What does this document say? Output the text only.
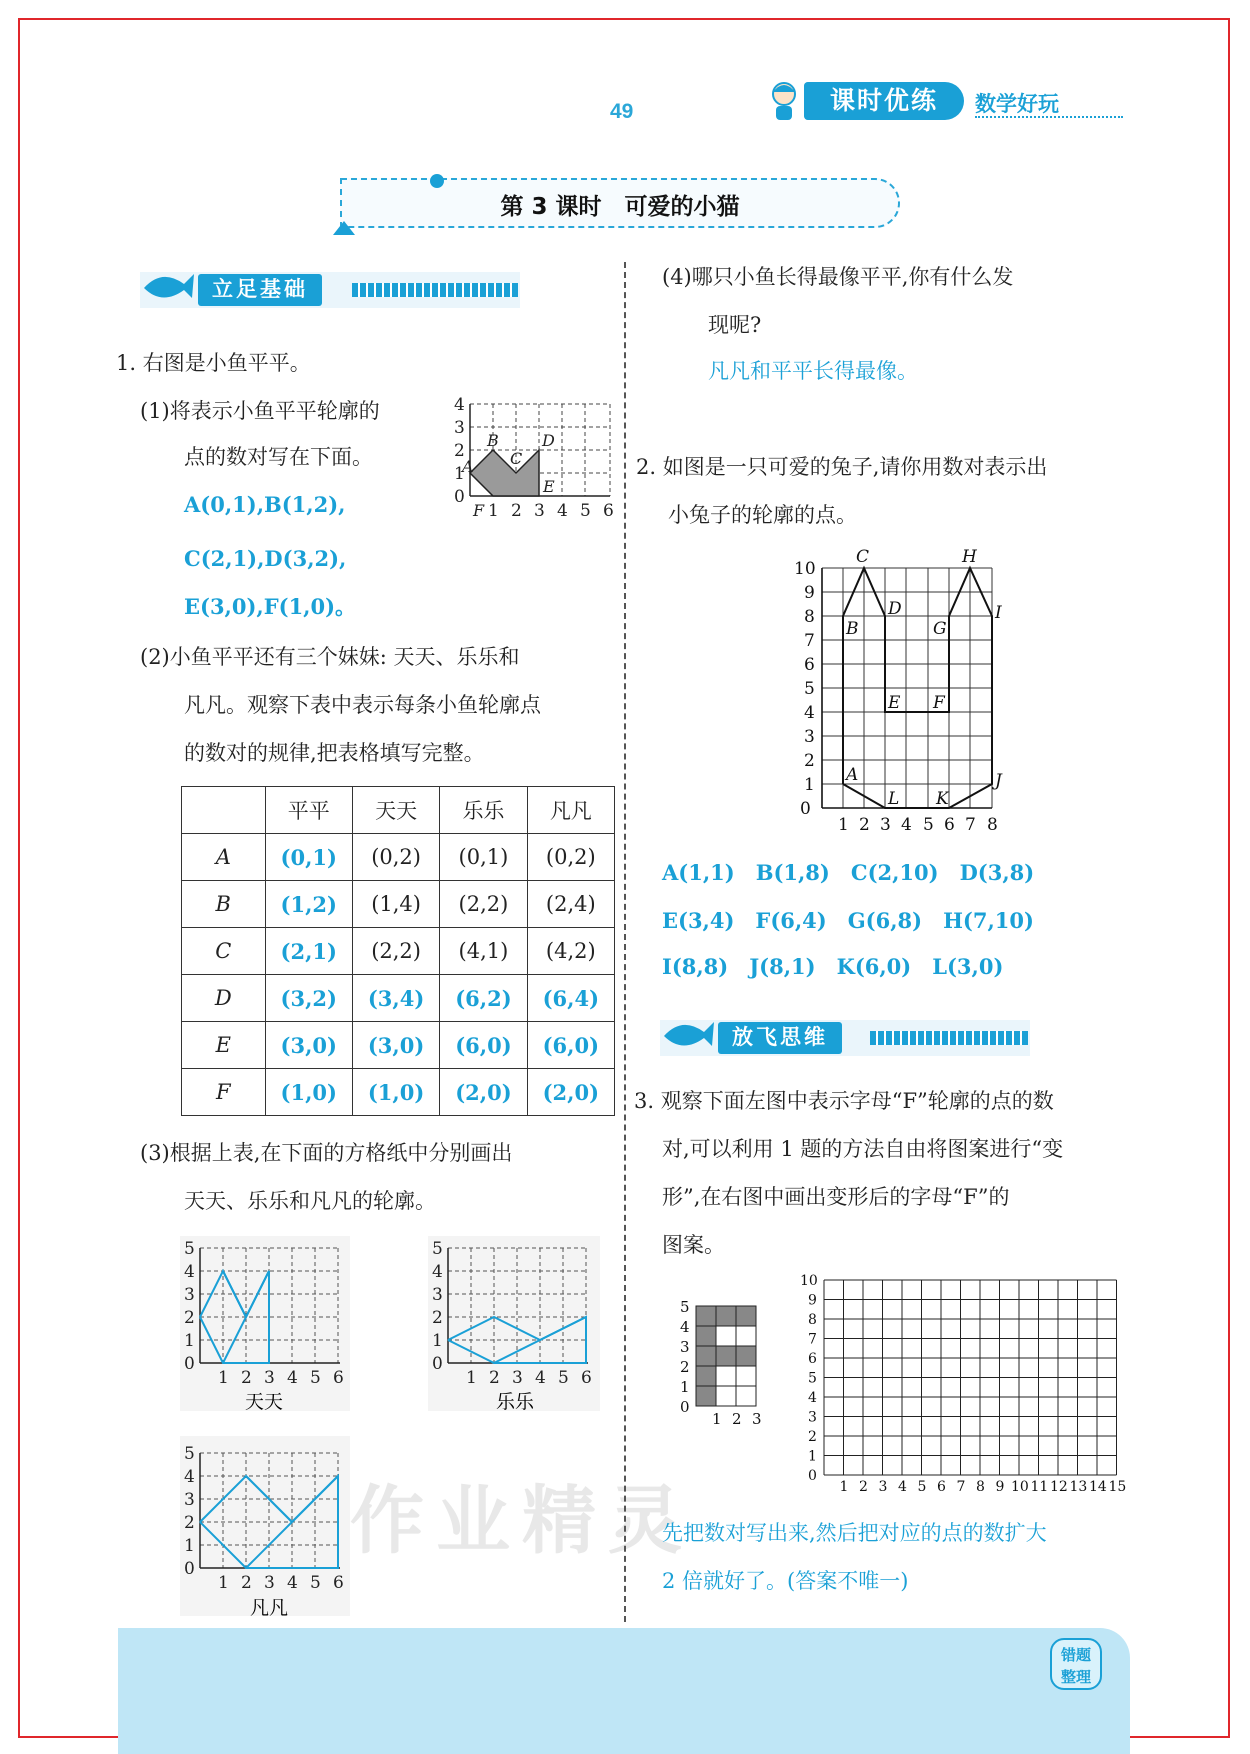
49	课时优练	数学好玩
第 3 课时　可爱的小猫
立足基础
1. 右图是小鱼平平。
(1)将表示小鱼平平轮廓的
点的数对写在下面。
A(0,1),B(1,2),
C(2,1),D(3,2),
E(3,0),F(1,0)。
0
1
2
3
4
1 2 3 4 5 6
B
C
D
E
F
A
(2)小鱼平平还有三个妹妹: 天天、乐乐和
凡凡。观察下表中表示每条小鱼轮廓点
的数对的规律,把表格填写完整。
	平平	天天	乐乐	凡凡
A	(0,1)	(0,2)	(0,1)	(0,2)
B	(1,2)	(1,4)	(2,2)	(2,4)
C	(2,1)	(2,2)	(4,1)	(4,2)
D	(3,2)	(3,4)	(6,2)	(6,4)
E	(3,0)	(3,0)	(6,0)	(6,0)
F	(1,0)	(1,0)	(2,0)	(2,0)
(3)根据上表,在下面的方格纸中分别画出
天天、乐乐和凡凡的轮廓。
天天	乐乐
凡凡
作业精灵
(4)哪只小鱼长得最像平平,你有什么发
现呢?
凡凡和平平长得最像。
2. 如图是一只可爱的兔子,请你用数对表示出
小兔子的轮廓的点。
0
1
2
3
4
5
6
7
8
9
10
1 2 3 4 5 6 7 8
A
B
C
D
E F
G
H
I
J
K
L
A(1,1)　B(1,8)　C(2,10)　D(3,8)
E(3,4)　F(6,4)　G(6,8)　H(7,10)
I(8,8)　J(8,1)　K(6,0)　L(3,0)
放飞思维
3. 观察下面左图中表示字母“F”轮廓的点的数
对,可以利用 1 题的方法自由将图案进行“变
形”,在右图中画出变形后的字母“F”的
图案。
0
1
2
3
4
5
1 2 3
1 2 3 4 5 6 7 8 9 10 11 12 13 14 15
10
9
8
7
6
5
4
3
2
1
0
先把数对写出来,然后把对应的点的数扩大
2 倍就好了。(答案不唯一)
错题
整理
